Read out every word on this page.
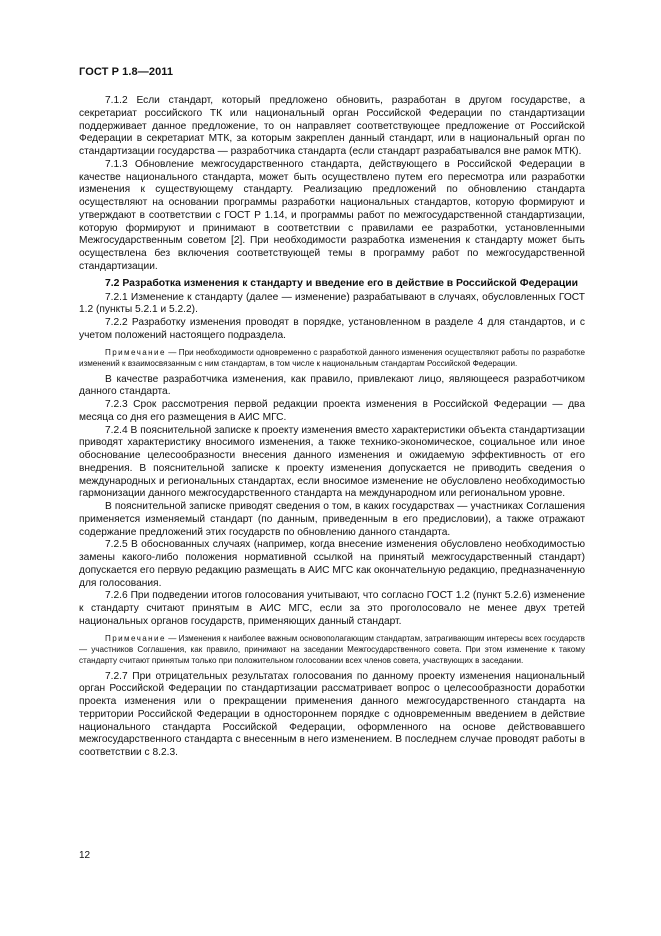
ГОСТ Р 1.8—2011

7.1.2 Если стандарт, который предложено обновить, разработан в другом государстве, а секретариат российского ТК или национальный орган Российской Федерации по стандартизации поддерживает данное предложение, то он направляет соответствующее предложение от Российской Федерации в секретариат МТК, за которым закреплен данный стандарт, или в национальный орган по стандартизации государства — разработчика стандарта (если стандарт разрабатывался вне рамок МТК).

7.1.3 Обновление межгосударственного стандарта, действующего в Российской Федерации в качестве национального стандарта, может быть осуществлено путем его пересмотра или разработки изменения к существующему стандарту. Реализацию предложений по обновлению стандарта осуществляют на основании программы разработки национальных стандартов, которую формируют и утверждают в соответствии с ГОСТ Р 1.14, и программы работ по межгосударственной стандартизации, которую формируют и принимают в соответствии с правилами ее разработки, установленными Межгосударственным советом [2]. При необходимости разработка изменения к стандарту может быть осуществлена без включения соответствующей темы в программу работ по межгосударственной стандартизации.

7.2 Разработка изменения к стандарту и введение его в действие в Российской Федерации

7.2.1 Изменение к стандарту (далее — изменение) разрабатывают в случаях, обусловленных ГОСТ 1.2 (пункты 5.2.1 и 5.2.2).

7.2.2 Разработку изменения проводят в порядке, установленном в разделе 4 для стандартов, и с учетом положений настоящего подраздела.

Примечание — При необходимости одновременно с разработкой данного изменения осуществляют работы по разработке изменений к взаимосвязанным с ним стандартам, в том числе к национальным стандартам Российской Федерации.

В качестве разработчика изменения, как правило, привлекают лицо, являющееся разработчиком данного стандарта.

7.2.3 Срок рассмотрения первой редакции проекта изменения в Российской Федерации — два месяца со дня его размещения в АИС МГС.

7.2.4 В пояснительной записке к проекту изменения вместо характеристики объекта стандартизации приводят характеристику вносимого изменения, а также технико-экономическое, социальное или иное обоснование целесообразности внесения данного изменения и ожидаемую эффективность от его внедрения. В пояснительной записке к проекту изменения допускается не приводить сведения о международных и региональных стандартах, если вносимое изменение не обусловлено необходимостью гармонизации данного межгосударственного стандарта на международном или региональном уровне.

В пояснительной записке приводят сведения о том, в каких государствах — участниках Соглашения применяется изменяемый стандарт (по данным, приведенным в его предисловии), а также отражают содержание предложений этих государств по обновлению данного стандарта.

7.2.5 В обоснованных случаях (например, когда внесение изменения обусловлено необходимостью замены какого-либо положения нормативной ссылкой на принятый межгосударственный стандарт) допускается его первую редакцию размещать в АИС МГС как окончательную редакцию, предназначенную для голосования.

7.2.6 При подведении итогов голосования учитывают, что согласно ГОСТ 1.2 (пункт 5.2.6) изменение к стандарту считают принятым в АИС МГС, если за это проголосовало не менее двух третей национальных органов государств, применяющих данный стандарт.

Примечание — Изменения к наиболее важным основополагающим стандартам, затрагивающим интересы всех государств — участников Соглашения, как правило, принимают на заседании Межгосударственного совета. При этом изменение к такому стандарту считают принятым только при положительном голосовании всех членов совета, участвующих в заседании.

7.2.7 При отрицательных результатах голосования по данному проекту изменения национальный орган Российской Федерации по стандартизации рассматривает вопрос о целесообразности доработки проекта изменения или о прекращении применения данного межгосударственного стандарта на территории Российской Федерации в одностороннем порядке с одновременным введением в действие национального стандарта Российской Федерации, оформленного на основе действовавшего межгосударственного стандарта с внесенным в него изменением. В последнем случае проводят работы в соответствии с 8.2.3.

12
